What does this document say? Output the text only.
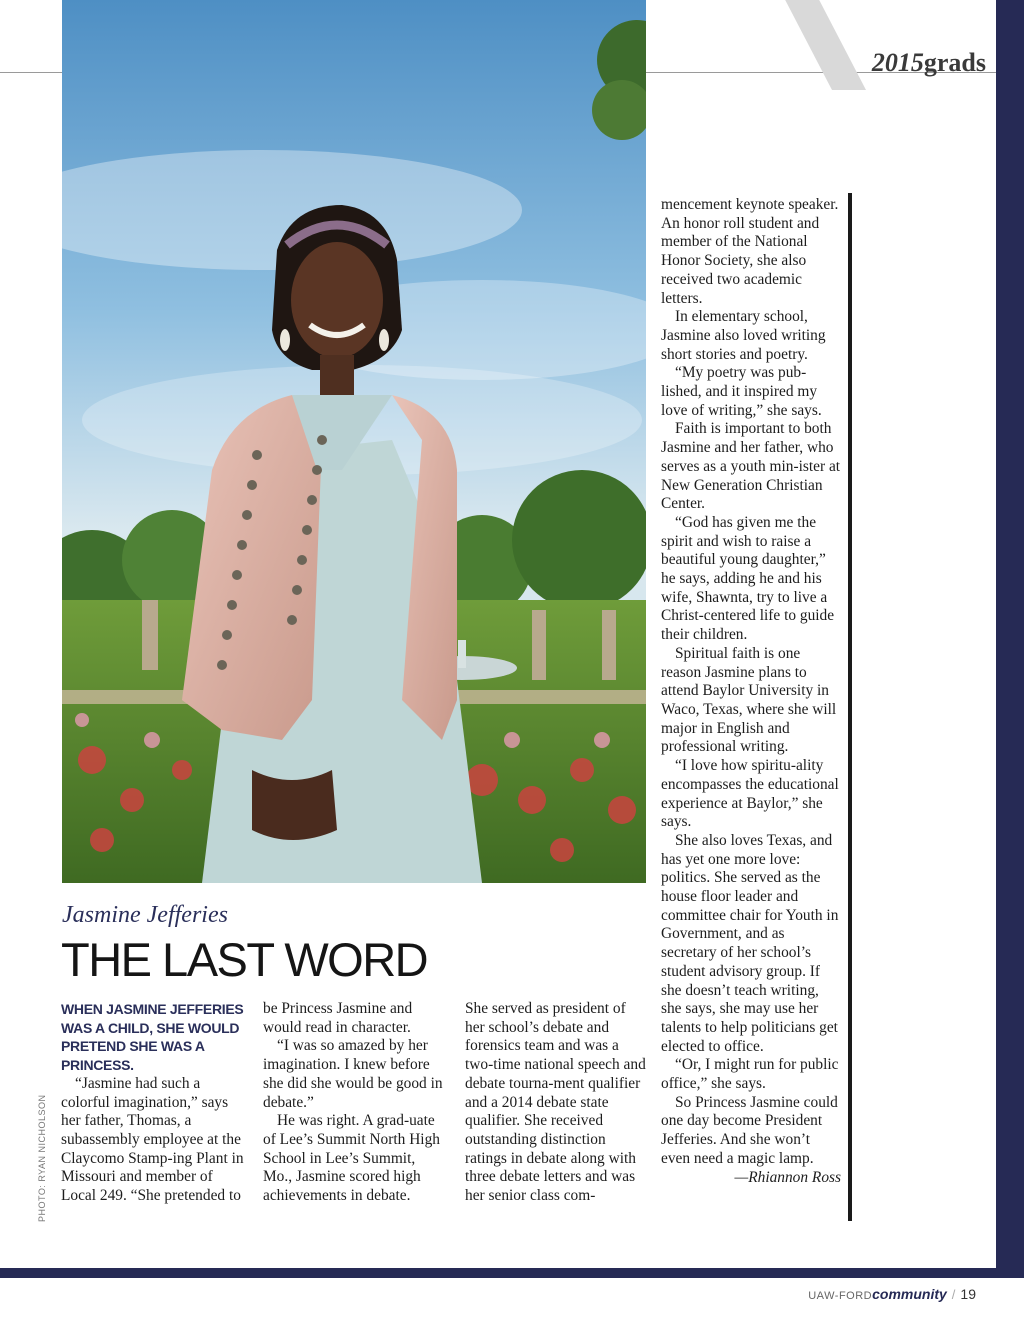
2015grads
PHOTO: RYAN NICHOLSON
Jasmine Jefferies
THE LAST WORD
WHEN JASMINE JEFFERIES WAS A CHILD, SHE WOULD PRETEND SHE WAS A PRINCESS.

“Jasmine had such a colorful imagination,” says her father, Thomas, a subassembly employee at the Claycomo Stamp-ing Plant in Missouri and member of Local 249. “She pretended to

be Princess Jasmine and would read in character.

“I was so amazed by her imagination. I knew before she did she would be good in debate.”

He was right. A grad-uate of Lee’s Summit North High School in Lee’s Summit, Mo., Jasmine scored high achievements in debate.

She served as president of her school’s debate and forensics team and was a two-time national speech and debate tourna-ment qualifier and a 2014 debate state qualifier. She received outstanding distinction ratings in debate along with three debate letters and was her senior class com-

mencement keynote speaker. An honor roll student and member of the National Honor Society, she also received two academic letters.

In elementary school, Jasmine also loved writing short stories and poetry.

“My poetry was pub-lished, and it inspired my love of writing,” she says.

Faith is important to both Jasmine and her father, who serves as a youth min-ister at New Generation Christian Center.

“God has given me the spirit and wish to raise a beautiful young daughter,” he says, adding he and his wife, Shawnta, try to live a Christ-centered life to guide their children.

Spiritual faith is one reason Jasmine plans to attend Baylor University in Waco, Texas, where she will major in English and professional writing.

“I love how spiritu-ality encompasses the educational experience at Baylor,” she says.

She also loves Texas, and has yet one more love: politics. She served as the house floor leader and committee chair for Youth in Government, and as secretary of her school’s student advisory group. If she doesn’t teach writing, she says, she may use her talents to help politicians get elected to office.

“Or, I might run for public office,” she says.

So Princess Jasmine could one day become President Jefferies. And she won’t even need a magic lamp.

—Rhiannon Ross

UAW-FORDcommunity / 19
